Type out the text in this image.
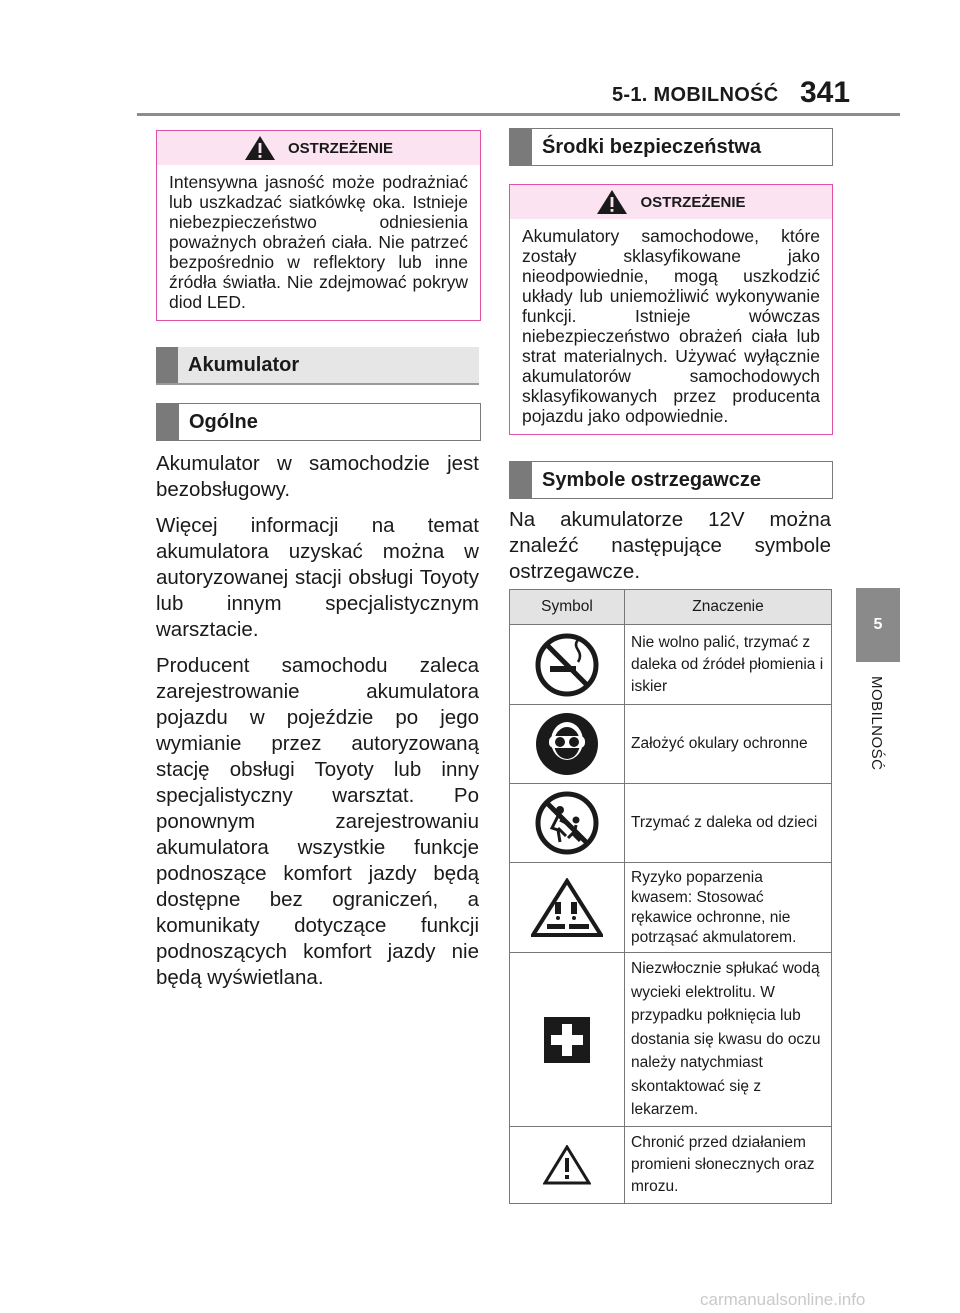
5-1. MOBILNOŚĆ 341
5
MOBILNOŚĆ
OSTRZEŻENIE
Intensywna jasność może podrażniać lub uszkadzać siatkówkę oka. Istnieje niebezpieczeństwo odniesienia poważnych obrażeń ciała. Nie patrzeć bezpośrednio w reflektory lub inne źródła światła. Nie zdejmować pokryw diod LED.
Akumulator
Ogólne

Akumulator w samochodzie jest bezobsługowy.

Więcej informacji na temat akumulatora uzyskać można w autoryzowanej stacji obsługi Toyoty lub innym specjalistycznym warsztacie.

Producent samochodu zaleca zarejestrowanie akumulatora pojazdu w pojeździe po jego wymianie przez autoryzowaną stację obsługi Toyoty lub inny specjalistyczny warsztat. Po ponownym zarejestrowaniu akumulatora wszystkie funkcje podnoszące komfort jazdy będą dostępne bez ograniczeń, a komunikaty dotyczące funkcji podnoszących komfort jazdy nie będą wyświetlana.

Środki bezpieczeństwa
OSTRZEŻENIE
Akumulatory samochodowe, które zostały sklasyfikowane jako nieodpowiednie, mogą uszkodzić układy lub uniemożliwić wykonywanie funkcji. Istnieje wówczas niebezpieczeństwo obrażeń ciała lub strat materialnych. Używać wyłącznie akumulatorów samochodowych sklasyfikowanych przez producenta pojazdu jako odpowiednie.
Symbole ostrzegawcze

Na akumulatorze 12V można znaleźć następujące symbole ostrzegawcze.

Symbol	Znaczenie

	Nie wolno palić, trzymać z daleka od źródeł płomienia i iskier

	Założyć okulary ochronne

	Trzymać z daleka od dzieci

	Ryzyko poparzenia kwasem: Stosować rękawice ochronne, nie potrząsać akmulatorem.

	Niezwłocznie spłukać wodą wycieki elektrolitu. W przypadku połknięcia lub dostania się kwasu do oczu należy natychmiast skontaktować się z lekarzem.

	Chronić przed działaniem promieni słonecznych oraz mrozu.
carmanualsonline.info
